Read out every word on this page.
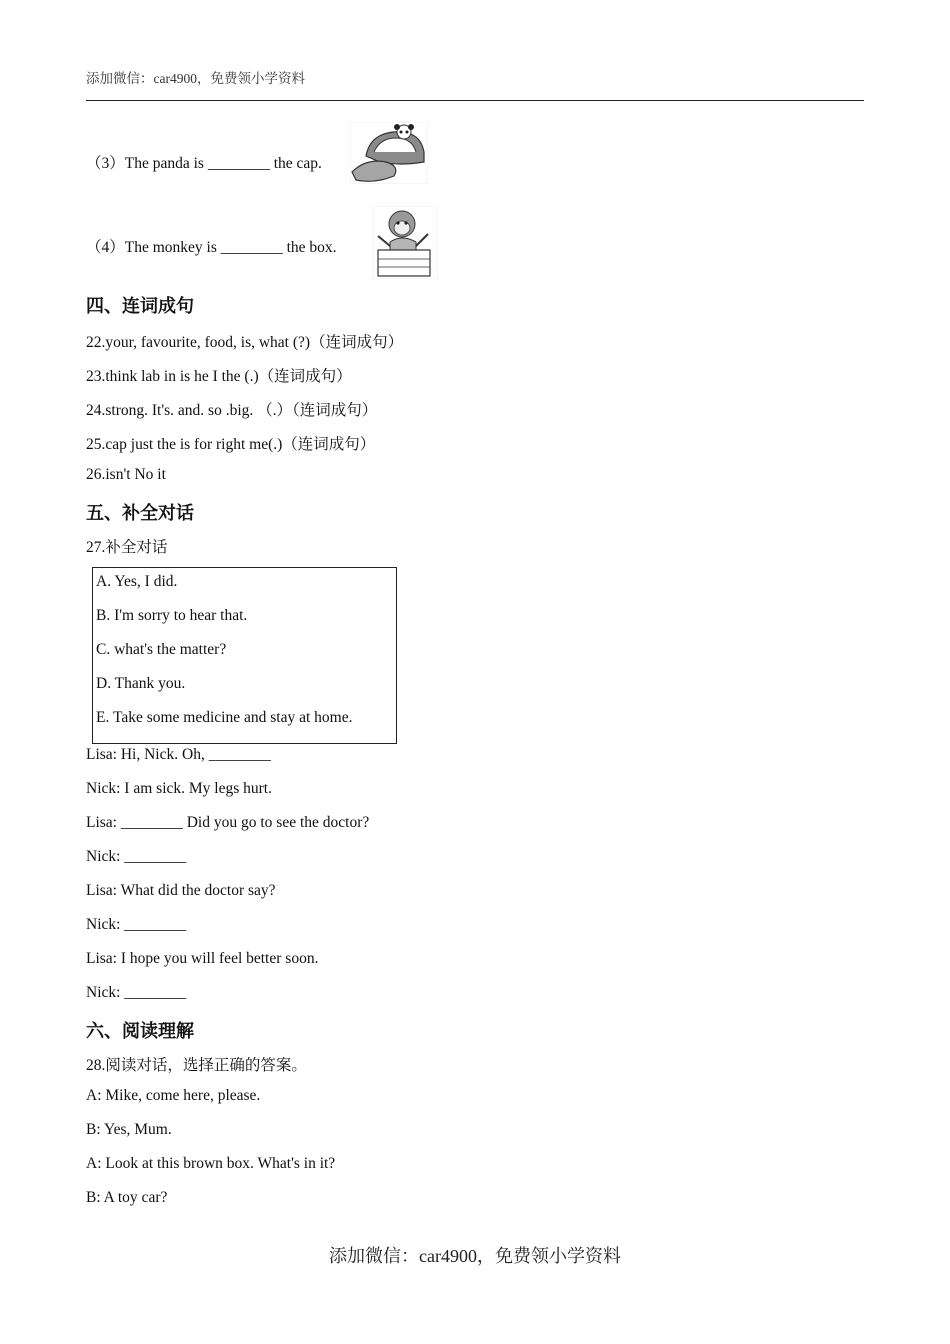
添加微信：car4900，免费领小学资料
（3）The panda is ________ the cap.
（4）The monkey is ________ the box.
四、连词成句
22.your, favourite, food, is, what (?)（连词成句）
23.think lab in is he I the (.)（连词成句）
24.strong. It's. and. so .big. （.）（连词成句）
25.cap just the is for right me(.)（连词成句）
26.isn't No it
五、补全对话
27.补全对话
A. Yes, I did.
B. I'm sorry to hear that.
C. what's the matter?
D. Thank you.
E. Take some medicine and stay at home.
Lisa: Hi, Nick. Oh, ________
Nick: I am sick. My legs hurt.
Lisa: ________ Did you go to see the doctor?
Nick: ________
Lisa: What did the doctor say?
Nick: ________
Lisa: I hope you will feel better soon.
Nick: ________
六、阅读理解
28.阅读对话，选择正确的答案。
A: Mike, come here, please.
B: Yes, Mum.
A: Look at this brown box. What's in it?
B: A toy car?
添加微信：car4900，免费领小学资料
